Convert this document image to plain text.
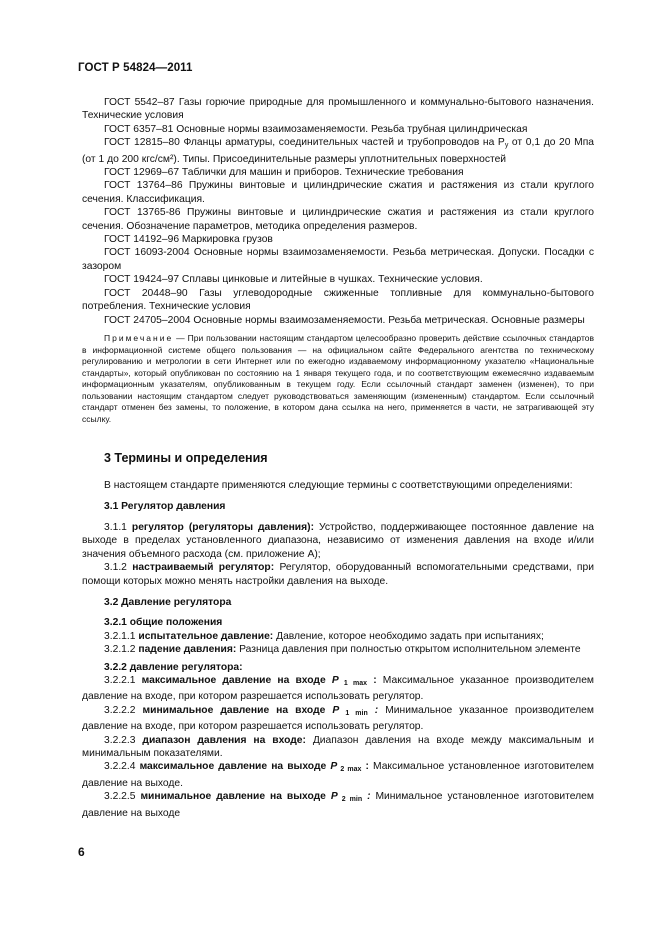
ГОСТ Р 54824—2011

ГОСТ 5542–87 Газы горючие природные для промышленного и коммунально-бытового назначения. Технические условия

ГОСТ 6357–81 Основные нормы взаимозаменяемости. Резьба трубная цилиндрическая

ГОСТ 12815–80 Фланцы арматуры, соединительных частей и трубопроводов на $Р_у$ от 0,1 до 20 Мпа (от 1 до 200 кгс/см²). Типы. Присоединительные размеры уплотнительных поверхностей

ГОСТ 12969–67 Таблички для машин и приборов. Технические требования

ГОСТ 13764–86 Пружины винтовые и цилиндрические сжатия и растяжения из стали круглого сечения. Классификация.

ГОСТ 13765-86 Пружины винтовые и цилиндрические сжатия и растяжения из стали круглого сечения. Обозначение параметров, методика определения размеров.

ГОСТ 14192–96 Маркировка грузов

ГОСТ 16093-2004 Основные нормы взаимозаменяемости. Резьба метрическая. Допуски. Посадки с зазором

ГОСТ 19424–97 Сплавы цинковые и литейные в чушках. Технические условия.

ГОСТ 20448–90 Газы углеводородные сжиженные топливные для коммунально-бытового потребления. Технические условия

ГОСТ 24705–2004 Основные нормы взаимозаменяемости. Резьба метрическая. Основные размеры

Примечание — При пользовании настоящим стандартом целесообразно проверить действие ссылочных стандартов в информационной системе общего пользования — на официальном сайте Федерального агентства по техническому регулированию и метрологии в сети Интернет или по ежегодно издаваемому информационному указателю «Национальные стандарты», который опубликован по состоянию на 1 января текущего года, и по соответствующим ежемесячно издаваемым информационным указателям, опубликованным в текущем году. Если ссылочный стандарт заменен (изменен), то при пользовании настоящим стандартом следует руководствоваться заменяющим (измененным) стандартом. Если ссылочный стандарт отменен без замены, то положение, в котором дана ссылка на него, применяется в части, не затрагивающей эту ссылку.

3 Термины и определения

В настоящем стандарте применяются следующие термины с соответствующими определениями:

3.1 Регулятор давления

3.1.1 регулятор (регуляторы давления): Устройство, поддерживающее постоянное давление на выходе в пределах установленного диапазона, независимо от изменения давления на входе и/или значения объемного расхода (см. приложение А);

3.1.2 настраиваемый регулятор: Регулятор, оборудованный вспомогательными средствами, при помощи которых можно менять настройки давления на выходе.

3.2 Давление регулятора
3.2.1 общие положения

3.2.1.1 испытательное давление: Давление, которое необходимо задать при испытаниях;

3.2.1.2 падение давления: Разница давления при полностью открытом исполнительном элементе

3.2.2 давление регулятора:

3.2.2.1 максимальное давление на входе P $_{1 max}$ : Максимальное указанное производителем давление на входе, при котором разрешается использовать регулятор.

3.2.2.2 минимальное давление на входе P $_{1 min}$ : Минимальное указанное производителем давление на входе, при котором разрешается использовать регулятор.

3.2.2.3 диапазон давления на входе: Диапазон давления на входе между максимальным и минимальным показателями.

3.2.2.4 максимальное давление на выходе P $_{2 max}$ : Максимальное установленное изготовителем давление на выходе.

3.2.2.5 минимальное давление на выходе P $_{2 min}$ : Минимальное установленное изготовителем давление на выходе

6
